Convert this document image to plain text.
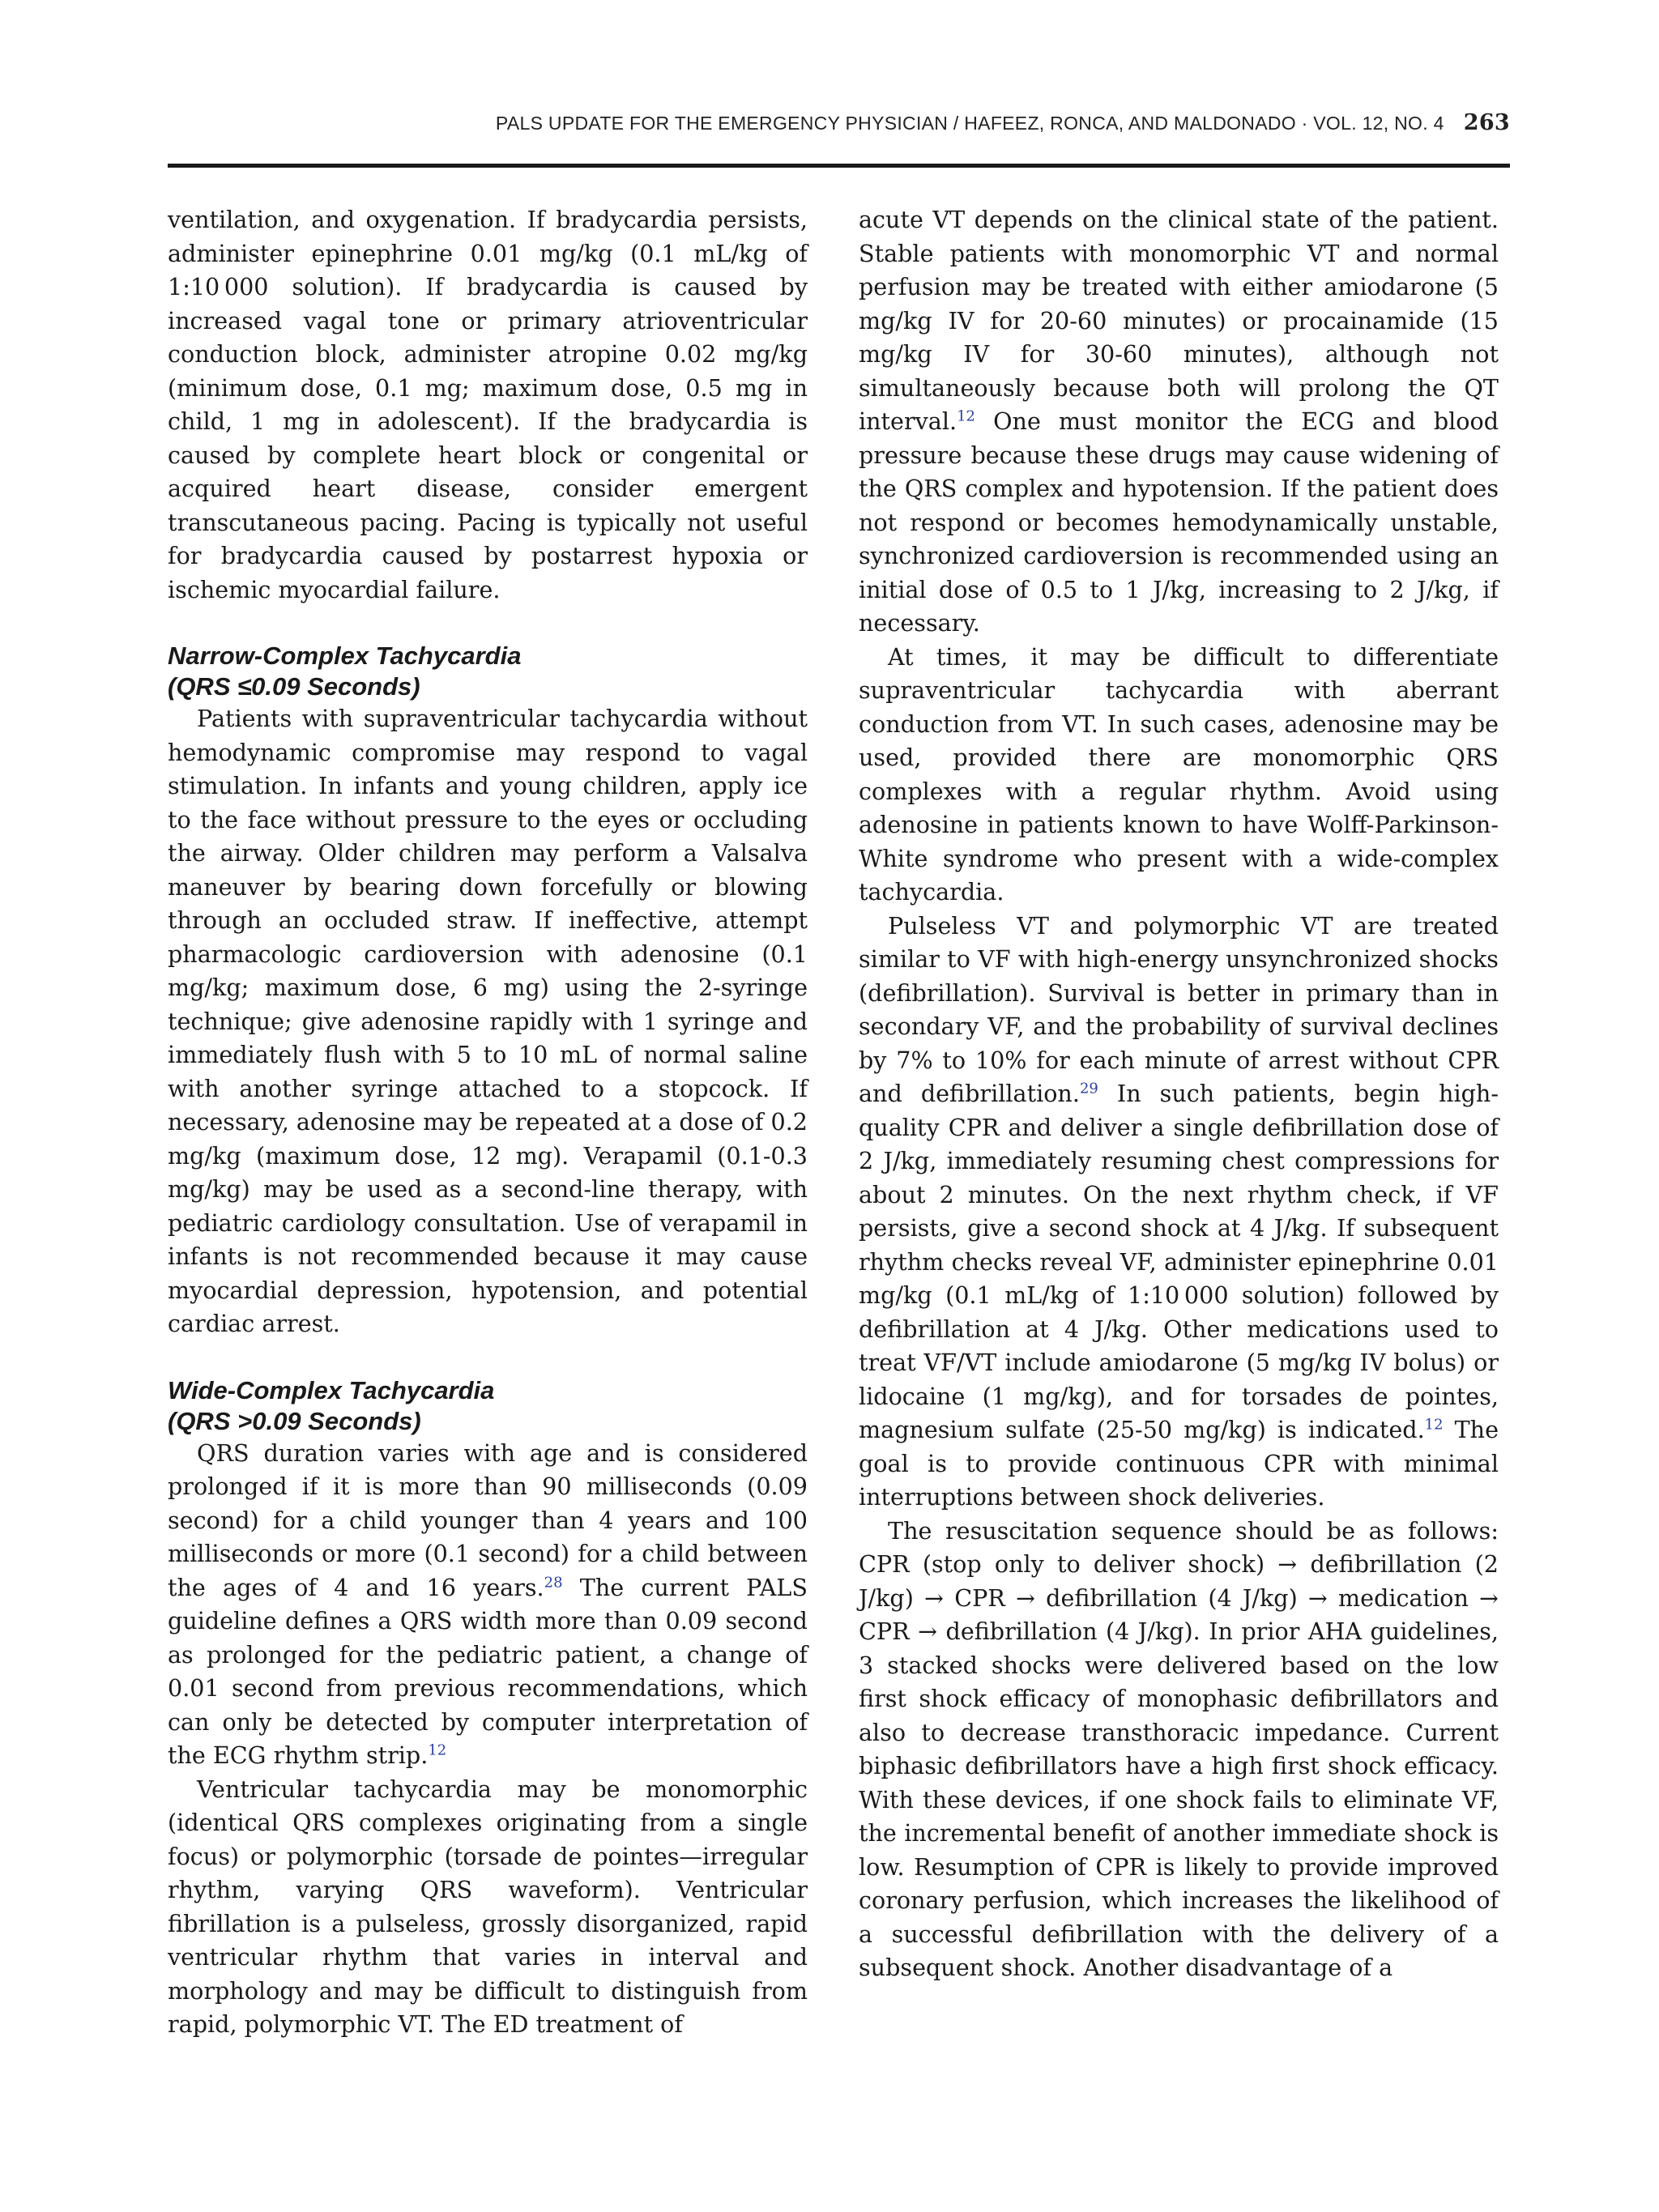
PALS UPDATE FOR THE EMERGENCY PHYSICIAN / HAFEEZ, RONCA, AND MALDONADO · VOL. 12, NO. 4 263

ventilation, and oxygenation. If bradycardia persists, administer epinephrine 0.01 mg/kg (0.1 mL/kg of 1:10 000 solution). If bradycardia is caused by increased vagal tone or primary atrioventricular conduction block, administer atropine 0.02 mg/kg (minimum dose, 0.1 mg; maximum dose, 0.5 mg in child, 1 mg in adolescent). If the bradycardia is caused by complete heart block or congenital or acquired heart disease, consider emergent transcutaneous pacing. Pacing is typically not useful for bradycardia caused by postarrest hypoxia or ischemic myocardial failure.

Narrow-Complex Tachycardia
(QRS ≤0.09 Seconds)

Patients with supraventricular tachycardia without hemodynamic compromise may respond to vagal stimulation. In infants and young children, apply ice to the face without pressure to the eyes or occluding the airway. Older children may perform a Valsalva maneuver by bearing down forcefully or blowing through an occluded straw. If ineffective, attempt pharmacologic cardioversion with adenosine (0.1 mg/kg; maximum dose, 6 mg) using the 2-syringe technique; give adenosine rapidly with 1 syringe and immediately flush with 5 to 10 mL of normal saline with another syringe attached to a stopcock. If necessary, adenosine may be repeated at a dose of 0.2 mg/kg (maximum dose, 12 mg). Verapamil (0.1-0.3 mg/kg) may be used as a second-line therapy, with pediatric cardiology consultation. Use of verapamil in infants is not recommended because it may cause myocardial depression, hypotension, and potential cardiac arrest.

Wide-Complex Tachycardia
(QRS >0.09 Seconds)

QRS duration varies with age and is considered prolonged if it is more than 90 milliseconds (0.09 second) for a child younger than 4 years and 100 milliseconds or more (0.1 second) for a child between the ages of 4 and 16 years.$^{28}$ The current PALS guideline defines a QRS width more than 0.09 second as prolonged for the pediatric patient, a change of 0.01 second from previous recommendations, which can only be detected by computer interpretation of the ECG rhythm strip.$^{12}$

Ventricular tachycardia may be monomorphic (identical QRS complexes originating from a single focus) or polymorphic (torsade de pointes—irregular rhythm, varying QRS waveform). Ventricular fibrillation is a pulseless, grossly disorganized, rapid ventricular rhythm that varies in interval and morphology and may be difficult to distinguish from rapid, polymorphic VT. The ED treatment of

acute VT depends on the clinical state of the patient. Stable patients with monomorphic VT and normal perfusion may be treated with either amiodarone (5 mg/kg IV for 20-60 minutes) or procainamide (15 mg/kg IV for 30-60 minutes), although not simultaneously because both will prolong the QT interval.$^{12}$ One must monitor the ECG and blood pressure because these drugs may cause widening of the QRS complex and hypotension. If the patient does not respond or becomes hemodynamically unstable, synchronized cardioversion is recommended using an initial dose of 0.5 to 1 J/kg, increasing to 2 J/kg, if necessary.

At times, it may be difficult to differentiate supraventricular tachycardia with aberrant conduction from VT. In such cases, adenosine may be used, provided there are monomorphic QRS complexes with a regular rhythm. Avoid using adenosine in patients known to have Wolff-Parkinson-White syndrome who present with a wide-complex tachycardia.

Pulseless VT and polymorphic VT are treated similar to VF with high-energy unsynchronized shocks (defibrillation). Survival is better in primary than in secondary VF, and the probability of survival declines by 7% to 10% for each minute of arrest without CPR and defibrillation.$^{29}$ In such patients, begin high-quality CPR and deliver a single defibrillation dose of 2 J/kg, immediately resuming chest compressions for about 2 minutes. On the next rhythm check, if VF persists, give a second shock at 4 J/kg. If subsequent rhythm checks reveal VF, administer epinephrine 0.01 mg/kg (0.1 mL/kg of 1:10 000 solution) followed by defibrillation at 4 J/kg. Other medications used to treat VF/VT include amiodarone (5 mg/kg IV bolus) or lidocaine (1 mg/kg), and for torsades de pointes, magnesium sulfate (25-50 mg/kg) is indicated.$^{12}$ The goal is to provide continuous CPR with minimal interruptions between shock deliveries.

The resuscitation sequence should be as follows: CPR (stop only to deliver shock) → defibrillation (2 J/kg) → CPR → defibrillation (4 J/kg) → medication → CPR → defibrillation (4 J/kg). In prior AHA guidelines, 3 stacked shocks were delivered based on the low first shock efficacy of monophasic defibrillators and also to decrease transthoracic impedance. Current biphasic defibrillators have a high first shock efficacy. With these devices, if one shock fails to eliminate VF, the incremental benefit of another immediate shock is low. Resumption of CPR is likely to provide improved coronary perfusion, which increases the likelihood of a successful defibrillation with the delivery of a subsequent shock. Another disadvantage of a
